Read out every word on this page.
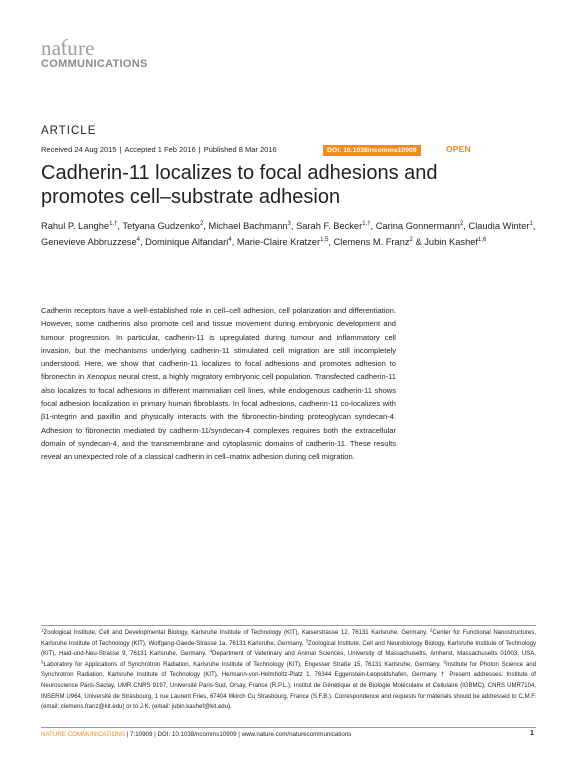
nature
COMMUNICATIONS
ARTICLE
Received 24 Aug 2015 | Accepted 1 Feb 2016 | Published 8 Mar 2016	DOI: 10.1038/ncomms10909	OPEN
Cadherin-11 localizes to focal adhesions and promotes cell–substrate adhesion
Rahul P. Langhe$^{1,\dagger}$, Tetyana Gudzenko$^2$, Michael Bachmann$^3$, Sarah F. Becker$^{1,\dagger}$, Carina Gonnermann$^2$, Claudia Winter$^1$, Genevieve Abbruzzese$^4$, Dominique Alfandari$^4$, Marie-Claire Kratzer$^{1,5}$, Clemens M. Franz$^2$ & Jubin Kashef$^{1,6}$

Cadherin receptors have a well-established role in cell–cell adhesion, cell polarization and differentiation. However, some cadherins also promote cell and tissue movement during embryonic development and tumour progression. In particular, cadherin-11 is upregulated during tumour and inflammatory cell invasion, but the mechanisms underlying cadherin-11 stimulated cell migration are still incompletely understood. Here, we show that cadherin-11 localizes to focal adhesions and promotes adhesion to fibronectin in Xenopus neural crest, a highly migratory embryonic cell population. Transfected cadherin-11 also localizes to focal adhesions in different mammalian cell lines, while endogenous cadherin-11 shows focal adhesion localization in primary human fibroblasts. In focal adhesions, cadherin-11 co-localizes with β1-integrin and paxillin and physically interacts with the fibronectin-binding proteoglycan syndecan-4. Adhesion to fibronectin mediated by cadherin-11/syndecan-4 complexes requires both the extracellular domain of syndecan-4, and the transmembrane and cytoplasmic domains of cadherin-11. These results reveal an unexpected role of a classical cadherin in cell–matrix adhesion during cell migration.

$^1$Zoological Institute, Cell and Developmental Biology, Karlsruhe Institute of Technology (KIT), Kaiserstrasse 12, 76131 Karlsruhe, Germany. $^2$Center for Functional Nanostructures, Karlsruhe Institute of Technology (KIT), Wolfgang-Gaede-Strasse 1a, 76131 Karlsruhe, Germany. $^3$Zoological Institute, Cell and Neurobiology Biology, Karlsruhe Institute of Technology (KIT), Haid-und-Neu-Strasse 9, 76131 Karlsruhe, Germany. $^4$Department of Veterinary and Animal Sciences, University of Massachusetts, Amherst, Massachusetts 01003, USA. $^5$Laboratory for Applications of Synchrotron Radiation, Karlsruhe Institute of Technology (KIT), Engesser Straße 15, 76131 Karlsruhe, Germany. $^6$Institute for Photon Science and Synchrotron Radiation, Karlsruhe Institute of Technology (KIT), Hermann-von-Helmholtz-Platz 1, 76344 Eggenstein-Leopoldshafen, Germany. † Present addresses: Institute of Neuroscience Paris-Saclay, UMR CNRS 9197, Université Paris-Sud, Orsay, France (R.P.L.); Institut de Génétique et de Biologie Moléculaire et Cellulaire (IGBMC), CNRS UMR7104, INSERM U964, Université de Strasbourg, 1 rue Laurent Fries, 67404 Illkirch Cu Strasbourg, France (S.F.B.). Correspondence and requests for materials should be addressed to C.M.F. (email: clemens.franz@kit.edu) or to J.K. (email: jubin.kashef@kit.edu).
NATURE COMMUNICATIONS | 7:10909 | DOI: 10.1038/ncomms10909 | www.nature.com/naturecommunications	1
